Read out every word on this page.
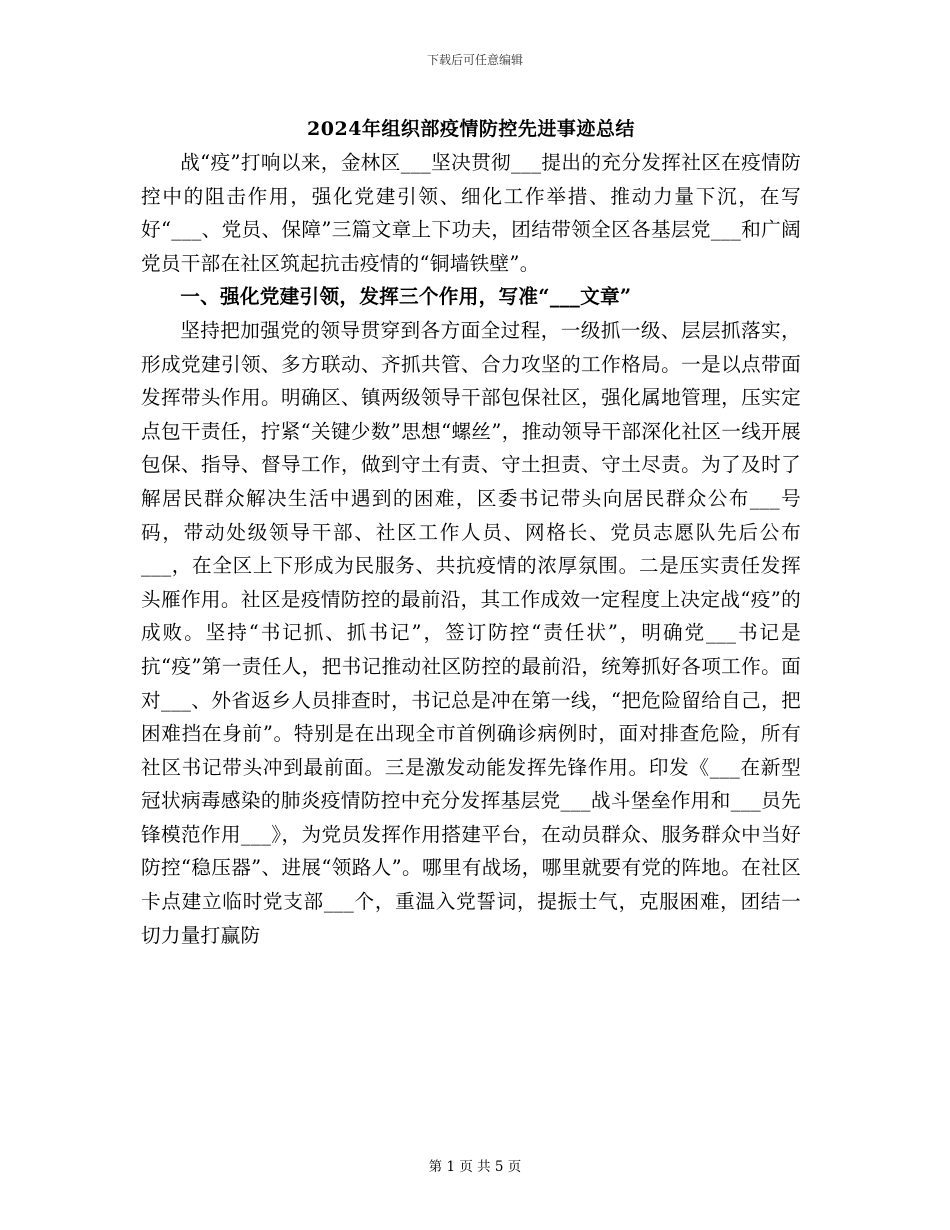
下载后可任意编辑
2024年组织部疫情防控先进事迹总结

战“疫”打响以来，金林区___坚决贯彻___提出的充分发挥社区在疫情防控中的阻击作用，强化党建引领、细化工作举措、推动力量下沉，在写好“___、党员、保障”三篇文章上下功夫，团结带领全区各基层党___和广阔党员干部在社区筑起抗击疫情的“铜墙铁壁”。

一、强化党建引领，发挥三个作用，写准“___文章”

坚持把加强党的领导贯穿到各方面全过程，一级抓一级、层层抓落实，形成党建引领、多方联动、齐抓共管、合力攻坚的工作格局。一是以点带面发挥带头作用。明确区、镇两级领导干部包保社区，强化属地管理，压实定点包干责任，拧紧“关键少数”思想“螺丝”，推动领导干部深化社区一线开展包保、指导、督导工作，做到守土有责、守土担责、守土尽责。为了及时了解居民群众解决生活中遇到的困难，区委书记带头向居民群众公布___号码，带动处级领导干部、社区工作人员、网格长、党员志愿队先后公布___，在全区上下形成为民服务、共抗疫情的浓厚氛围。二是压实责任发挥头雁作用。社区是疫情防控的最前沿，其工作成效一定程度上决定战“疫”的成败。坚持“书记抓、抓书记”，签订防控“责任状”，明确党___书记是抗“疫”第一责任人，把书记推动社区防控的最前沿，统筹抓好各项工作。面对___、外省返乡人员排查时，书记总是冲在第一线，“把危险留给自己，把困难挡在身前”。特别是在出现全市首例确诊病例时，面对排查危险，所有社区书记带头冲到最前面。三是激发动能发挥先锋作用。印发《___在新型冠状病毒感染的肺炎疫情防控中充分发挥基层党___战斗堡垒作用和___员先锋模范作用___》，为党员发挥作用搭建平台，在动员群众、服务群众中当好防控“稳压器”、进展“领路人”。哪里有战场，哪里就要有党的阵地。在社区卡点建立临时党支部___个，重温入党誓词，提振士气，克服困难，团结一切力量打赢防

第 1 页 共 5 页
